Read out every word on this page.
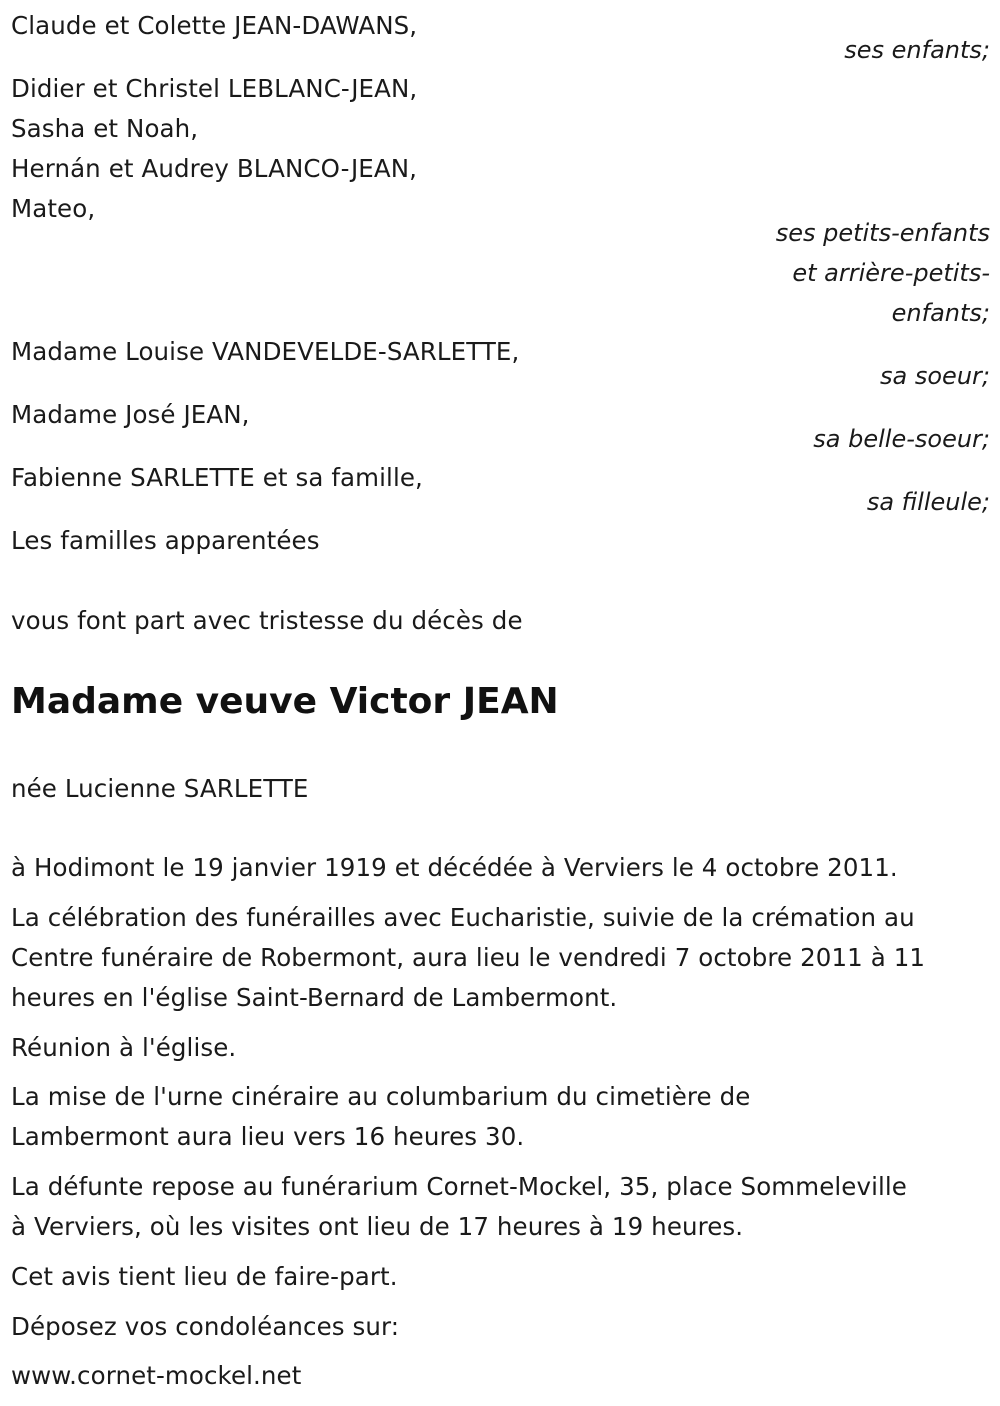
Claude et Colette JEAN-DAWANS,
ses enfants;
Didier et Christel LEBLANC-JEAN,
Sasha et Noah,
Hernán et Audrey BLANCO-JEAN,
Mateo,
ses petits-enfants
et arrière-petits-
enfants;
Madame Louise VANDEVELDE-SARLETTE,
sa soeur;
Madame José JEAN,
sa belle-soeur;
Fabienne SARLETTE et sa famille,
sa filleule;
Les familles apparentées
vous font part avec tristesse du décès de
Madame veuve Victor JEAN
née Lucienne SARLETTE
à Hodimont le 19 janvier 1919 et décédée à Verviers le 4 octobre 2011.
La célébration des funérailles avec Eucharistie, suivie de la crémation au
Centre funéraire de Robermont, aura lieu le vendredi 7 octobre 2011 à 11
heures en l'église Saint-Bernard de Lambermont.
Réunion à l'église.
La mise de l'urne cinéraire au columbarium du cimetière de
Lambermont aura lieu vers 16 heures 30.
La défunte repose au funérarium Cornet-Mockel, 35, place Sommeleville
à Verviers, où les visites ont lieu de 17 heures à 19 heures.
Cet avis tient lieu de faire-part.
Déposez vos condoléances sur:
www.cornet-mockel.net
